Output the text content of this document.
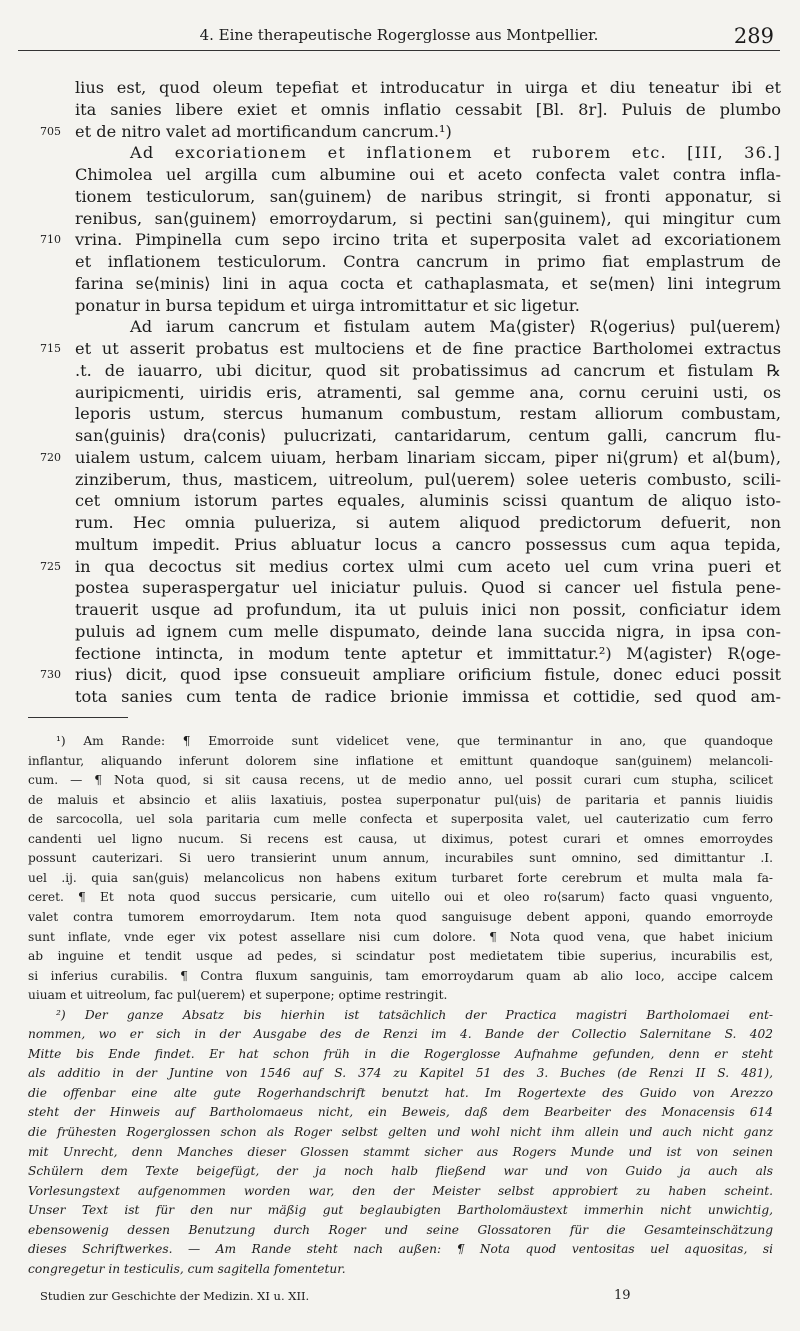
4. Eine therapeutische Rogerglosse aus Montpellier.	289
lius est, quod oleum tepefiat et introducatur in uirga et diu teneatur ibi et
ita sanies libere exiet et omnis inflatio cessabit [Bl. 8r]. Puluis de plumbo
705 et de nitro valet ad mortificandum cancrum.¹)
Ad excoriationem et inflationem et ruborem etc. [III, 36.]
Chimolea uel argilla cum albumine oui et aceto confecta valet contra infla-
tionem testiculorum, san⟨guinem⟩ de naribus stringit, si fronti apponatur, si
renibus, san⟨guinem⟩ emorroydarum, si pectini san⟨guinem⟩, qui mingitur cum
710 vrina. Pimpinella cum sepo ircino trita et superposita valet ad excoriationem
et inflationem testiculorum. Contra cancrum in primo fiat emplastrum de
farina se⟨minis⟩ lini in aqua cocta et cathaplasmata, et se⟨men⟩ lini integrum
ponatur in bursa tepidum et uirga intromittatur et sic ligetur.
Ad iarum cancrum et fistulam autem Ma⟨gister⟩ R⟨ogerius⟩ pul⟨uerem⟩
715 et ut asserit probatus est multociens et de fine practice Bartholomei extractus
.t. de iauarro, ubi dicitur, quod sit probatissimus ad cancrum et fistulam ℞
auripicmenti, uiridis eris, atramenti, sal gemme ana, cornu ceruini usti, os
leporis ustum, stercus humanum combustum, restam alliorum combustam,
san⟨guinis⟩ dra⟨conis⟩ pulucrizati, cantaridarum, centum galli, cancrum flu-
720 uialem ustum, calcem uiuam, herbam linariam siccam, piper ni⟨grum⟩ et al⟨bum⟩,
zinziberum, thus, masticem, uitreolum, pul⟨uerem⟩ solee ueteris combusto, scili-
cet omnium istorum partes equales, aluminis scissi quantum de aliquo isto-
rum. Hec omnia pulueriza, si autem aliquod predictorum defuerit, non
multum impedit. Prius abluatur locus a cancro possessus cum aqua tepida,
725 in qua decoctus sit medius cortex ulmi cum aceto uel cum vrina pueri et
postea superaspergatur uel iniciatur puluis. Quod si cancer uel fistula pene-
trauerit usque ad profundum, ita ut puluis inici non possit, conficiatur idem
puluis ad ignem cum melle dispumato, deinde lana succida nigra, in ipsa con-
fectione intincta, in modum tente aptetur et immittatur.²) M⟨agister⟩ R⟨oge-
730 rius⟩ dicit, quod ipse consueuit ampliare orificium fistule, donec educi possit
tota sanies cum tenta de radice brionie immissa et cottidie, sed quod am-
¹) Am Rande: ¶ Emorroide sunt videlicet vene, que terminantur in ano, que quandoque
inflantur, aliquando inferunt dolorem sine inflatione et emittunt quandoque san⟨guinem⟩ melancoli-
cum. — ¶ Nota quod, si sit causa recens, ut de medio anno, uel possit curari cum stupha, scilicet
de maluis et absincio et aliis laxatiuis, postea superponatur pul⟨uis⟩ de paritaria et pannis liuidis
de sarcocolla, uel sola paritaria cum melle confecta et superposita valet, uel cauterizatio cum ferro
candenti uel ligno nucum. Si recens est causa, ut diximus, potest curari et omnes emorroydes
possunt cauterizari. Si uero transierint unum annum, incurabiles sunt omnino, sed dimittantur .I.
uel .ij. quia san⟨guis⟩ melancolicus non habens exitum turbaret forte cerebrum et multa mala fa-
ceret. ¶ Et nota quod succus persicarie, cum uitello oui et oleo ro⟨sarum⟩ facto quasi vnguento,
valet contra tumorem emorroydarum. Item nota quod sanguisuge debent apponi, quando emorroyde
sunt inflate, vnde eger vix potest assellare nisi cum dolore. ¶ Nota quod vena, que habet inicium
ab inguine et tendit usque ad pedes, si scindatur post medietatem tibie superius, incurabilis est,
si inferius curabilis. ¶ Contra fluxum sanguinis, tam emorroydarum quam ab alio loco, accipe calcem
uiuam et uitreolum, fac pul⟨uerem⟩ et superpone; optime restringit.
²) Der ganze Absatz bis hierhin ist tatsächlich der Practica magistri Bartholomaei ent-
nommen, wo er sich in der Ausgabe des de Renzi im 4. Bande der Collectio Salernitane S. 402
Mitte bis Ende findet. Er hat schon früh in die Rogerglosse Aufnahme gefunden, denn er steht
als additio in der Juntine von 1546 auf S. 374 zu Kapitel 51 des 3. Buches (de Renzi II S. 481),
die offenbar eine alte gute Rogerhandschrift benutzt hat. Im Rogertexte des Guido von Arezzo
steht der Hinweis auf Bartholomaeus nicht, ein Beweis, daß dem Bearbeiter des Monacensis 614
die frühesten Rogerglossen schon als Roger selbst gelten und wohl nicht ihm allein und auch nicht ganz
mit Unrecht, denn Manches dieser Glossen stammt sicher aus Rogers Munde und ist von seinen
Schülern dem Texte beigefügt, der ja noch halb fließend war und von Guido ja auch als
Vorlesungstext aufgenommen worden war, den der Meister selbst approbiert zu haben scheint.
Unser Text ist für den nur mäßig gut beglaubigten Bartholomäustext immerhin nicht unwichtig,
ebensowenig dessen Benutzung durch Roger und seine Glossatoren für die Gesamteinschätzung
dieses Schriftwerkes. — Am Rande steht nach außen: ¶ Nota quod ventositas uel aquositas, si
congregetur in testiculis, cum sagitella fomentetur.
Studien zur Geschichte der Medizin. XI u. XII.	19
